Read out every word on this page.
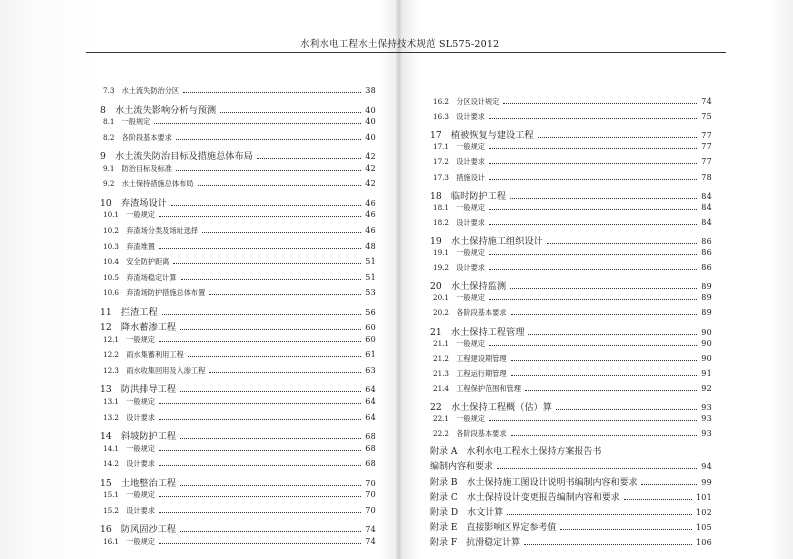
水利水电工程水土保持技术规范 SL575-2012
7.3　水土流失防治分区	38
8　水土流失影响分析与预测	40
8.1　一般规定	40
8.2　各阶段基本要求	40
9　水土流失防治目标及措施总体布局	42
9.1　防治目标及标准	42
9.2　水土保持措施总体布局	42
10　弃渣场设计	46
10.1　一般规定	46
10.2　弃渣场分类及场址选择	46
10.3　弃渣堆置	48
10.4　安全防护距离	51
10.5　弃渣场稳定计算	51
10.6　弃渣场防护措施总体布置	53
11　拦渣工程	56
12　降水蓄渗工程	60
12.1　一般规定	60
12.2　雨水集蓄利用工程	61
12.3　雨水收集回用及入渗工程	63
13　防洪排导工程	64
13.1　一般规定	64
13.2　设计要求	64
14　斜坡防护工程	68
14.1　一般规定	68
14.2　设计要求	68
15　土地整治工程	70
15.1　一般规定	70
15.2　设计要求	70
16　防风固沙工程	74
16.1　一般规定	74
16.2　分区设计规定	74
16.3　设计要求	75
17　植被恢复与建设工程	77
17.1　一般规定	77
17.2　设计要求	77
17.3　措施设计	78
18　临时防护工程	84
18.1　一般规定	84
18.2　设计要求	84
19　水土保持施工组织设计	86
19.1　一般规定	86
19.2　设计要求	86
20　水土保持监测	89
20.1　一般规定	89
20.2　各阶段基本要求	89
21　水土保持工程管理	90
21.1　一般规定	90
21.2　工程建设期管理	90
21.3　工程运行期管理	91
21.4　工程保护范围和管理	92
22　水土保持工程概（估）算	93
22.1　一般规定	93
22.2　各阶段基本要求	93
附录 A　水利水电工程水土保持方案报告书
编制内容和要求	94
附录 B　水土保持施工图设计说明书编制内容和要求	99
附录 C　水土保持设计变更报告编制内容和要求	101
附录 D　水文计算	102
附录 E　直接影响区界定参考值	105
附录 F　抗滑稳定计算	106
